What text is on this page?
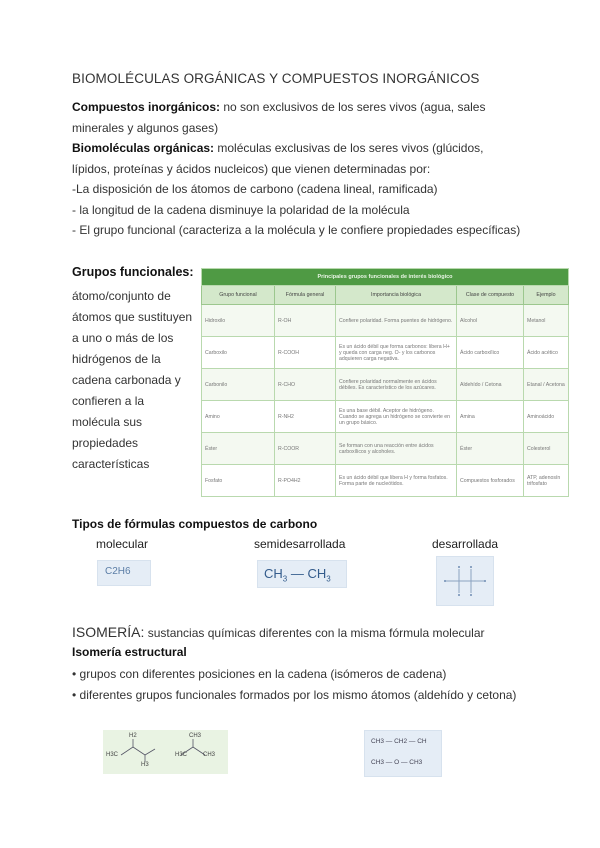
BIOMOLÉCULAS ORGÁNICAS Y COMPUESTOS INORGÁNICOS
Compuestos inorgánicos: no son exclusivos de los seres vivos (agua, sales
minerales y algunos gases)
Biomoléculas orgánicas: moléculas exclusivas de los seres vivos (glúcidos,
lípidos, proteínas y ácidos nucleicos) que vienen determinadas por:
-La disposición de los átomos de carbono (cadena lineal, ramificada)
- la longitud de la cadena disminuye la polaridad de la molécula
- El grupo funcional (caracteriza a la molécula y le confiere propiedades específicas)
Grupos funcionales:
átomo/conjunto de
átomos que sustituyen
a uno o más de los
hidrógenos de la
cadena carbonada y
confieren a la
molécula sus
propiedades
características
Principales grupos funcionales de interés biológico				
Grupo funcional	Fórmula general	Importancia biológica	Clase de compuesto	Ejemplo
Hidroxilo	R-OH	Confiere polaridad. Forma puentes de hidrógeno.	Alcohol	Metanol
Carboxilo	R-COOH	Es un ácido débil que forma carbonos: libera H+ y queda con carga neg. O- y los carbonos adquieren carga negativa.	Ácido carboxílico	Ácido acético
Carbonilo	R-CHO	Confiere polaridad normalmente en ácidos débiles. Es característico de los azúcares.	Aldehído / Cetona	Etanal / Acetona
Amino	R-NH2	Es una base débil. Aceptor de hidrógeno. Cuando se agrega un hidrógeno se convierte en un grupo básico.	Amina	Aminoácido
Éster	R-COOR	Se forman con una reacción entre ácidos carboxílicos y alcoholes.	Éster	Colesterol
Fosfato	R-PO4H2	Es un ácido débil que libera H y forma fosfatos. Forma parte de nucleótidos.	Compuestos fosforados	ATP, adenosín trifosfato
Tipos de fórmulas compuestos de carbono
molecular	semidesarrollada	desarrollada
C2H6	$CH_3$ — $CH_3$
ISOMERÍA: sustancias químicas diferentes con la misma fórmula molecular
Isomería estructural
• grupos con diferentes posiciones en la cadena (isómeros de cadena)
• diferentes grupos funcionales formados por los mismo átomos (aldehído y cetona)
H3C
H2
H3
H3C
CH3
CH3
CH3 — CH2 — CH
CH3 — O — CH3
